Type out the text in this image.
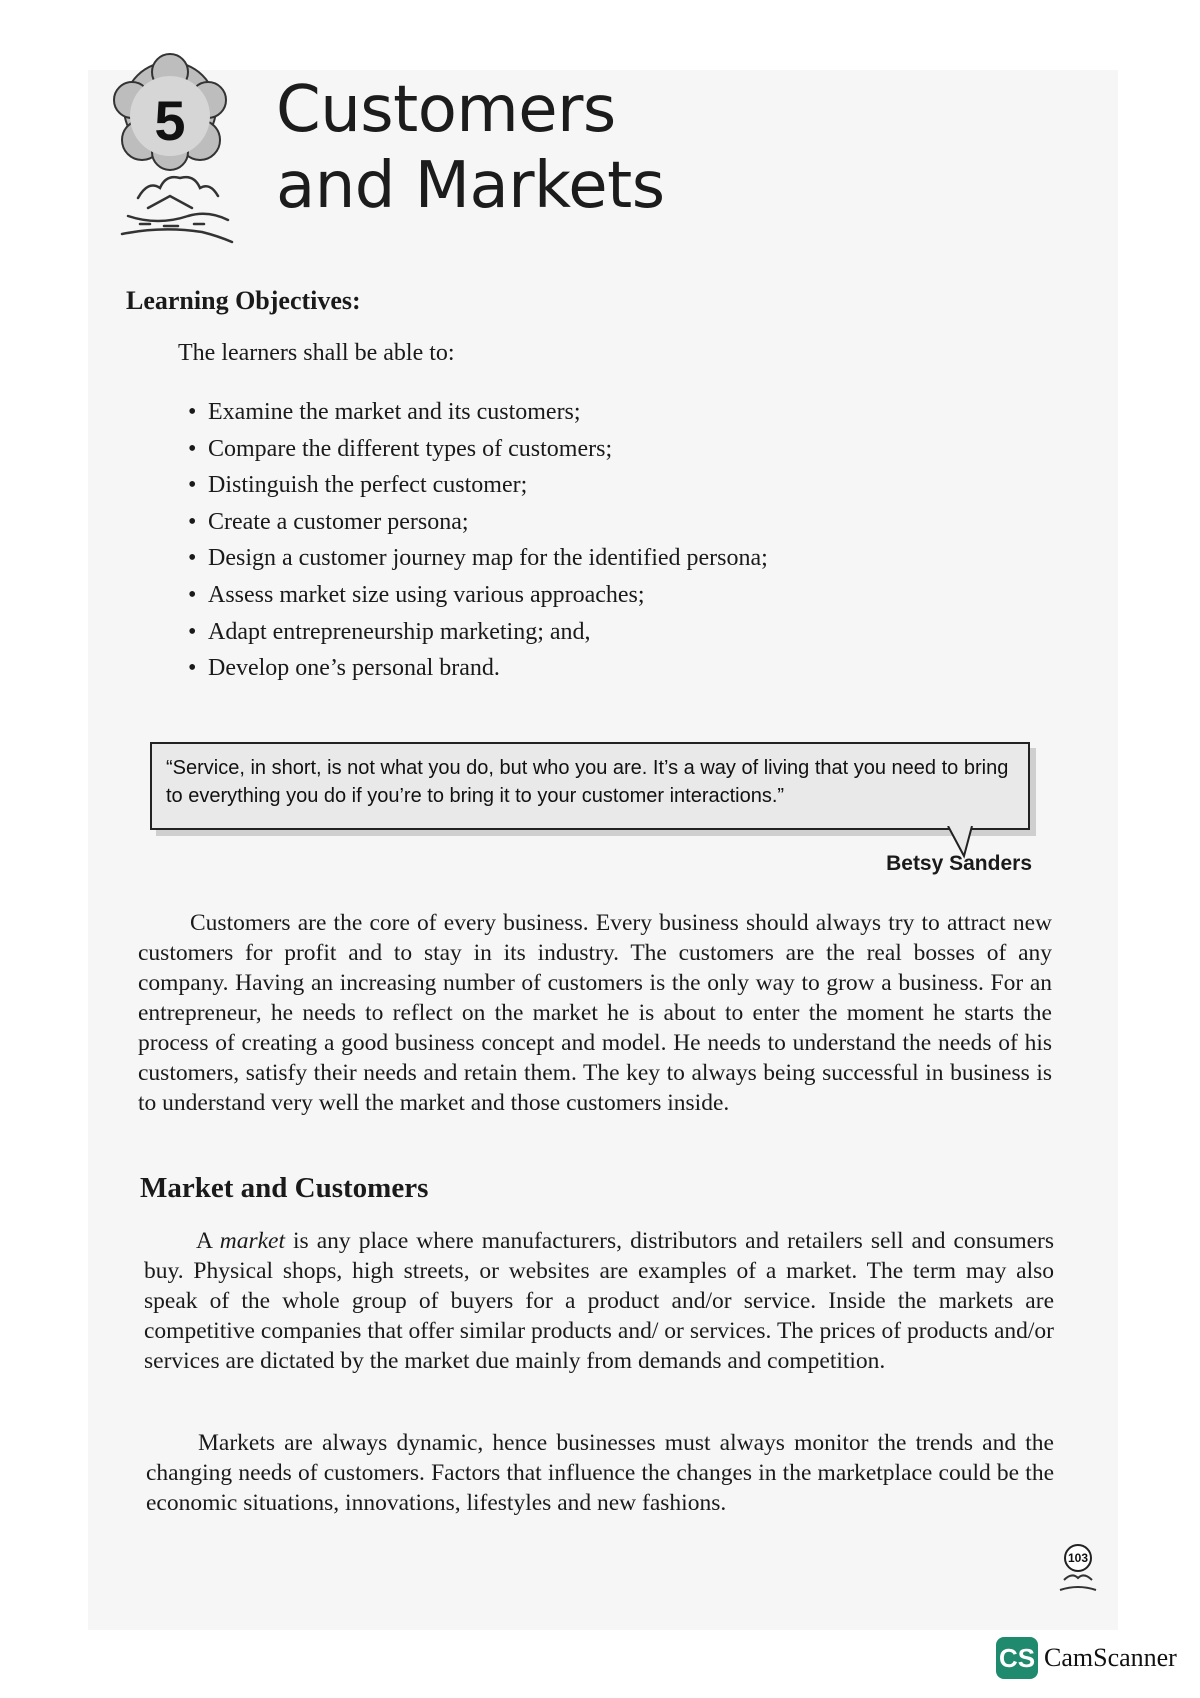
5	Customers
and Markets
Learning Objectives:
The learners shall be able to:
• Examine the market and its customers;
• Compare the different types of customers;
• Distinguish the perfect customer;
• Create a customer persona;
• Design a customer journey map for the identified persona;
• Assess market size using various approaches;
• Adapt entrepreneurship marketing; and,
• Develop one’s personal brand.
“Service, in short, is not what you do, but who you are. It’s a way of living that you need to bring to everything you do if you’re to bring it to your customer interactions.”
Betsy Sanders

Customers are the core of every business. Every business should always try to attract new customers for profit and to stay in its industry. The customers are the real bosses of any company. Having an increasing number of customers is the only way to grow a business. For an entrepreneur, he needs to reflect on the market he is about to enter the moment he starts the process of creating a good business concept and model. He needs to understand the needs of his customers, satisfy their needs and retain them. The key to always being successful in business is to understand very well the market and those customers inside.

Market and Customers

A market is any place where manufacturers, distributors and retailers sell and consumers buy. Physical shops, high streets, or websites are examples of a market. The term may also speak of the whole group of buyers for a product and/or service. Inside the markets are competitive companies that offer similar products and/ or services. The prices of products and/or services are dictated by the market due mainly from demands and competition.

Markets are always dynamic, hence businesses must always monitor the trends and the changing needs of customers. Factors that influence the changes in the marketplace could be the economic situations, innovations, lifestyles and new fashions.

103
CS CamScanner
